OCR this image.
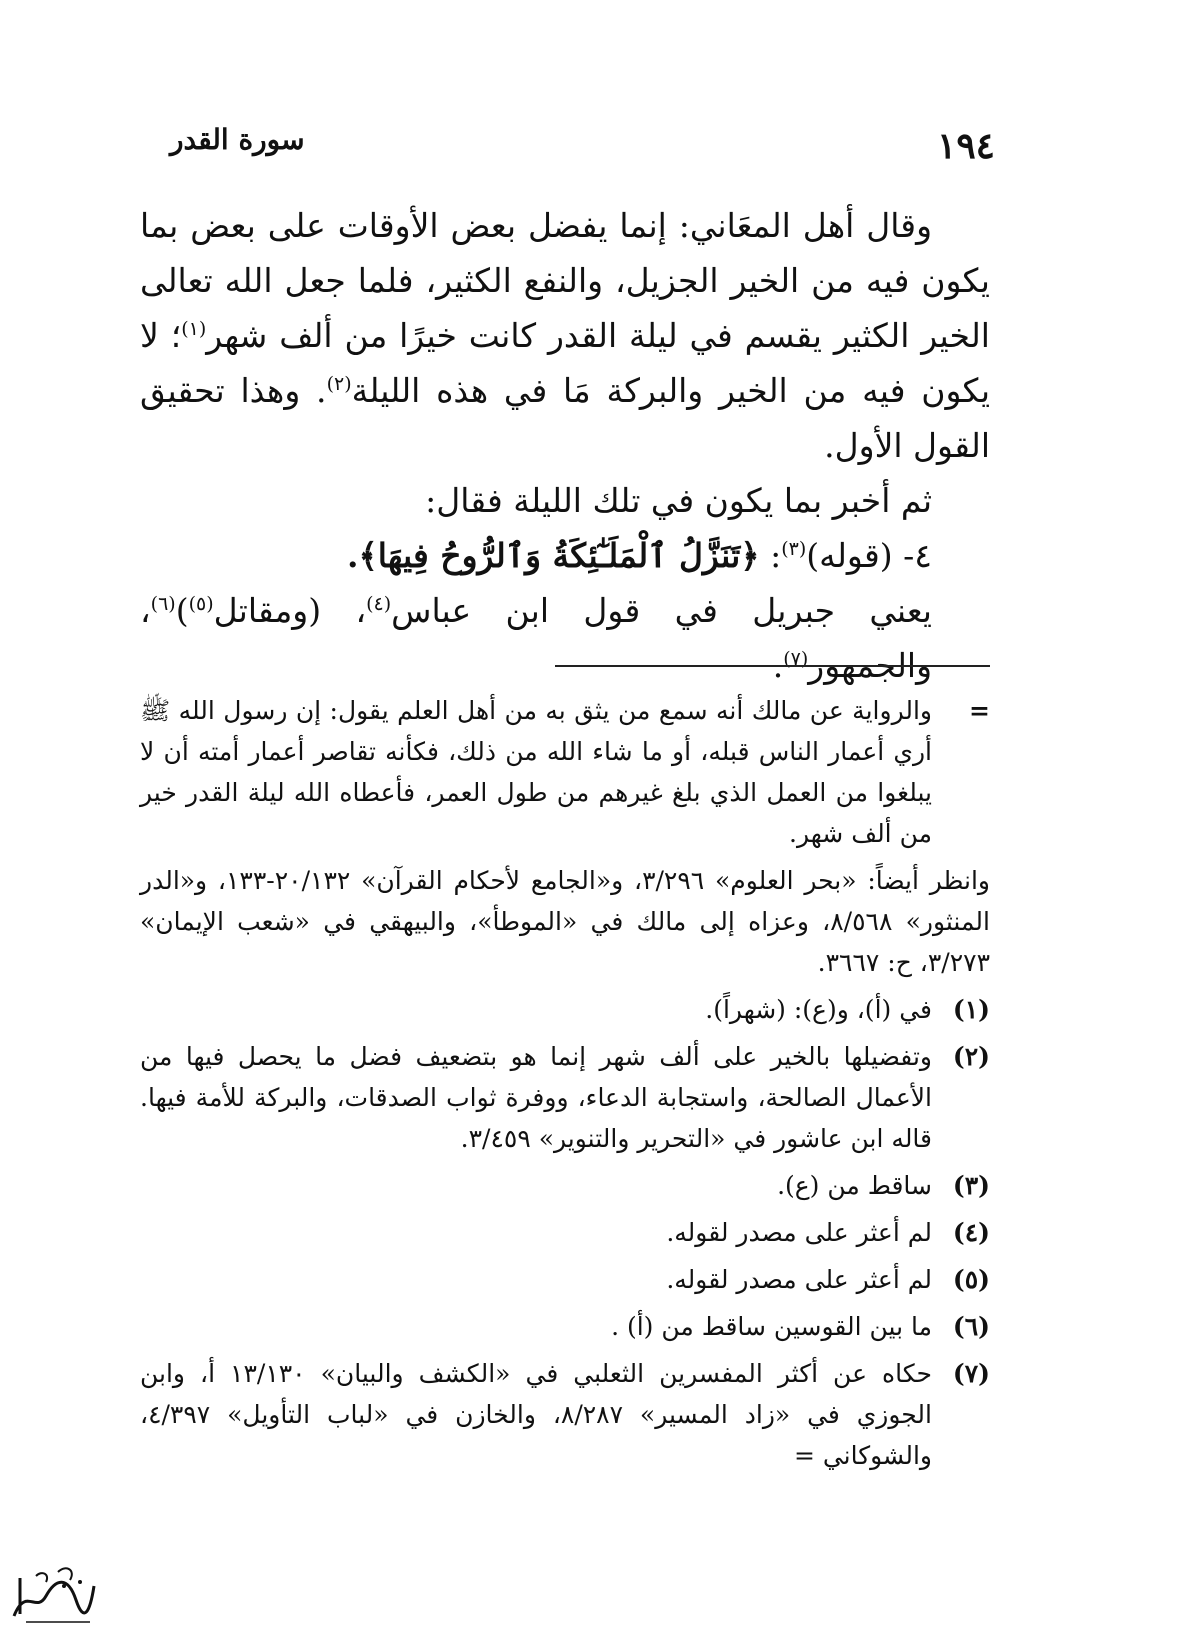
١٩٤
سورة القدر

وقال أهل المعَاني: إنما يفضل بعض الأوقات على بعض بما يكون فيه من الخير الجزيل، والنفع الكثير، فلما جعل الله تعالى الخير الكثير يقسم في ليلة القدر كانت خيرًا من ألف شهر$^{(١)}$؛ لا يكون فيه من الخير والبركة مَا في هذه الليلة$^{(٢)}$. وهذا تحقيق القول الأول.

ثم أخبر بما يكون في تلك الليلة فقال:

٤- (قوله)$^{(٣)}$: ﴿تَنَزَّلُ ٱلْمَلَـٰٓئِكَةُ وَٱلرُّوحُ فِيهَا﴾.

يعني جبريل في قول ابن عباس$^{(٤)}$، (ومقاتل$^{(٥)}$)$^{(٦)}$، والجمهور$^{(٧)}$.

=
والرواية عن مالك أنه سمع من يثق به من أهل العلم يقول: إن رسول الله ﷺ أري أعمار الناس قبله، أو ما شاء الله من ذلك، فكأنه تقاصر أعمار أمته أن لا يبلغوا من العمل الذي بلغ غيرهم من طول العمر، فأعطاه الله ليلة القدر خير من ألف شهر.
وانظر أيضاً: «بحر العلوم» ٣/٢٩٦، و«الجامع لأحكام القرآن» ٢٠/١٣٢-١٣٣، و«الدر المنثور» ٨/٥٦٨، وعزاه إلى مالك في «الموطأ»، والبيهقي في «شعب الإيمان» ٣/٢٧٣، ح: ٣٦٦٧.
(١)
في (أ)، و(ع): (شهراً).
(٢)
وتفضيلها بالخير على ألف شهر إنما هو بتضعيف فضل ما يحصل فيها من الأعمال الصالحة، واستجابة الدعاء، ووفرة ثواب الصدقات، والبركة للأمة فيها. قاله ابن عاشور في «التحرير والتنوير» ٣/٤٥٩.
(٣)
ساقط من (ع).
(٤)
لم أعثر على مصدر لقوله.
(٥)
لم أعثر على مصدر لقوله.
(٦)
ما بين القوسين ساقط من (أ) .
(٧)
حكاه عن أكثر المفسرين الثعلبي في «الكشف والبيان» ١٣/١٣٠ أ، وابن الجوزي في «زاد المسير» ٨/٢٨٧، والخازن في «لباب التأويل» ٤/٣٩٧، والشوكاني =
